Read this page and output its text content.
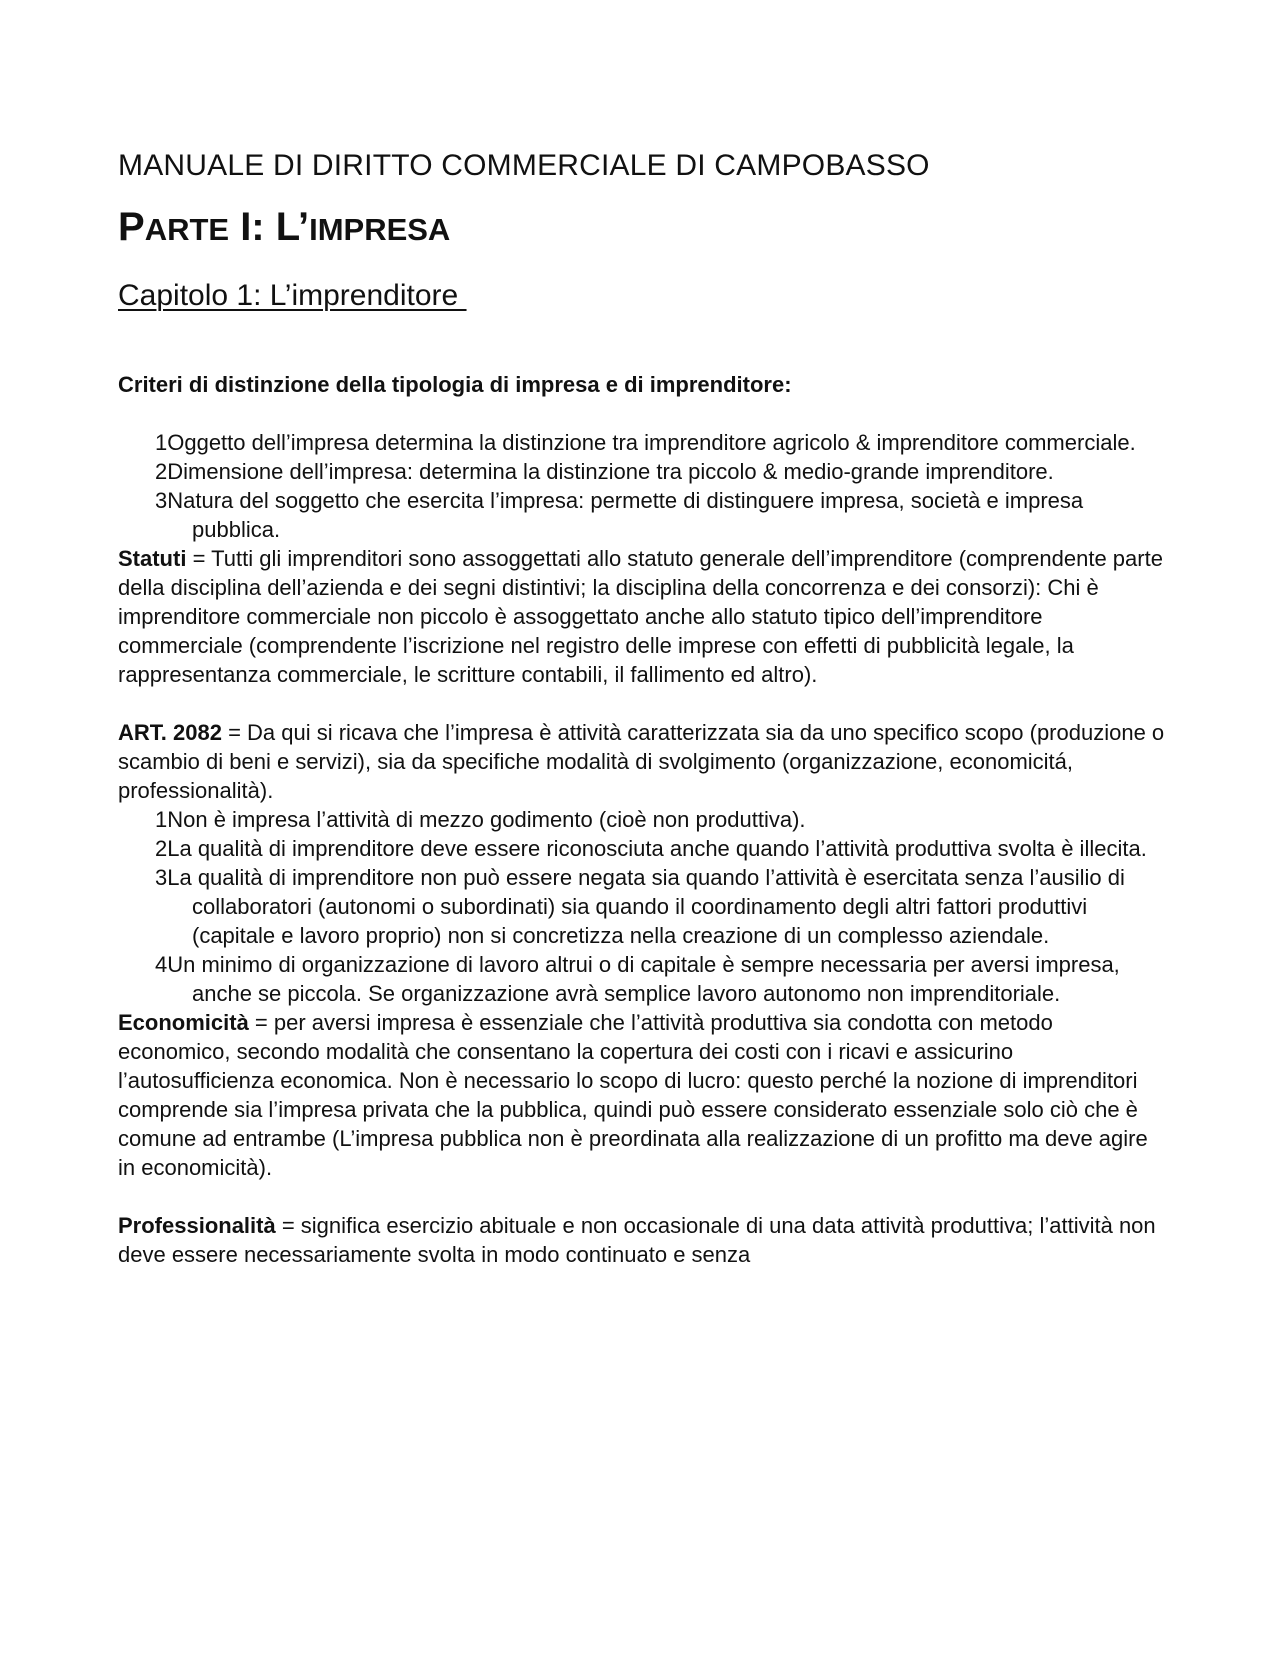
MANUALE DI DIRITTO COMMERCIALE DI CAMPOBASSO
PARTE I: L’IMPRESA
Capitolo 1: L’imprenditore

Criteri di distinzione della tipologia di impresa e di imprenditore:

1Oggetto dell’impresa determina la distinzione tra imprenditore agricolo & imprenditore commerciale.
2Dimensione dell’impresa: determina la distinzione tra piccolo & medio-grande imprenditore.
3Natura del soggetto che esercita l’impresa: permette di distinguere impresa, società e impresa pubblica.

Statuti = Tutti gli imprenditori sono assoggettati allo statuto generale dell’imprenditore (comprendente parte della disciplina dell’azienda e dei segni distintivi; la disciplina della concorrenza e dei consorzi): Chi è imprenditore commerciale non piccolo è assoggettato anche allo statuto tipico dell’imprenditore commerciale (comprendente l’iscrizione nel registro delle imprese con effetti di pubblicità legale, la rappresentanza commerciale, le scritture contabili, il fallimento ed altro).

ART. 2082 = Da qui si ricava che l’impresa è attività caratterizzata sia da uno specifico scopo (produzione o scambio di beni e servizi), sia da specifiche modalità di svolgimento (organizzazione, economicitá, professionalità).

1Non è impresa l’attività di mezzo godimento (cioè non produttiva).
2La qualità di imprenditore deve essere riconosciuta anche quando l’attività produttiva svolta è illecita.
3La qualità di imprenditore non può essere negata sia quando l’attività è esercitata senza l’ausilio di collaboratori (autonomi o subordinati) sia quando il coordinamento degli altri fattori produttivi (capitale e lavoro proprio) non si concretizza nella creazione di un complesso aziendale.
4Un minimo di organizzazione di lavoro altrui o di capitale è sempre necessaria per aversi impresa, anche se piccola. Se organizzazione avrà semplice lavoro autonomo non imprenditoriale.

Economicità = per aversi impresa è essenziale che l’attività produttiva sia condotta con metodo economico, secondo modalità che consentano la copertura dei costi con i ricavi e assicurino l’autosufficienza economica. Non è necessario lo scopo di lucro: questo perché la nozione di imprenditori comprende sia l’impresa privata che la pubblica, quindi può essere considerato essenziale solo ciò che è comune ad entrambe (L’impresa pubblica non è preordinata alla realizzazione di un profitto ma deve agire in economicità).

Professionalità = significa esercizio abituale e non occasionale di una data attività produttiva; l’attività non deve essere necessariamente svolta in modo continuato e senza
